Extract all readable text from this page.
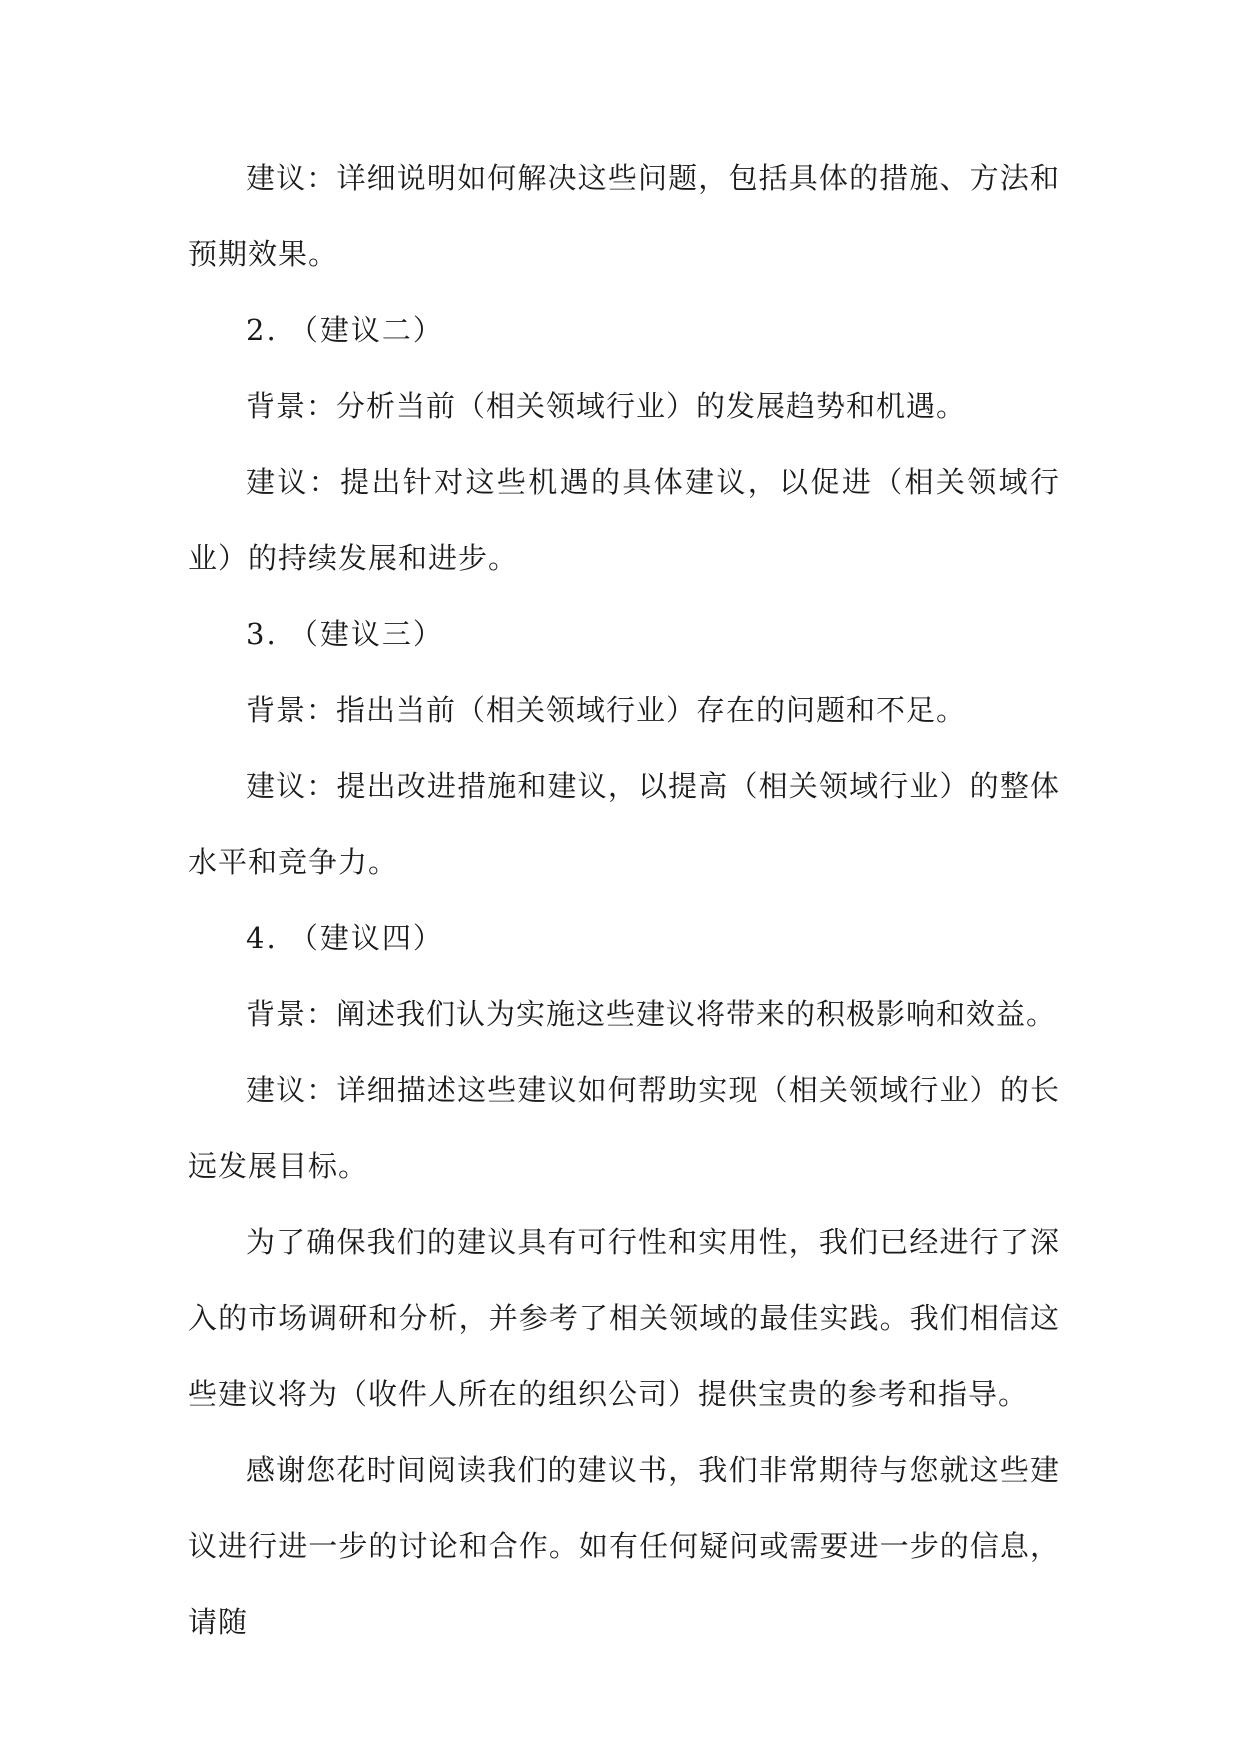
建议：详细说明如何解决这些问题，包括具体的措施、方法和预期效果。

2. （建议二）

背景：分析当前（相关领域行业）的发展趋势和机遇。

建议：提出针对这些机遇的具体建议，以促进（相关领域行业）的持续发展和进步。

3. （建议三）

背景：指出当前（相关领域行业）存在的问题和不足。

建议：提出改进措施和建议，以提高（相关领域行业）的整体水平和竞争力。

4. （建议四）

背景：阐述我们认为实施这些建议将带来的积极影响和效益。

建议：详细描述这些建议如何帮助实现（相关领域行业）的长远发展目标。

为了确保我们的建议具有可行性和实用性，我们已经进行了深入的市场调研和分析，并参考了相关领域的最佳实践。我们相信这些建议将为（收件人所在的组织公司）提供宝贵的参考和指导。

感谢您花时间阅读我们的建议书，我们非常期待与您就这些建议进行进一步的讨论和合作。如有任何疑问或需要进一步的信息，请随
